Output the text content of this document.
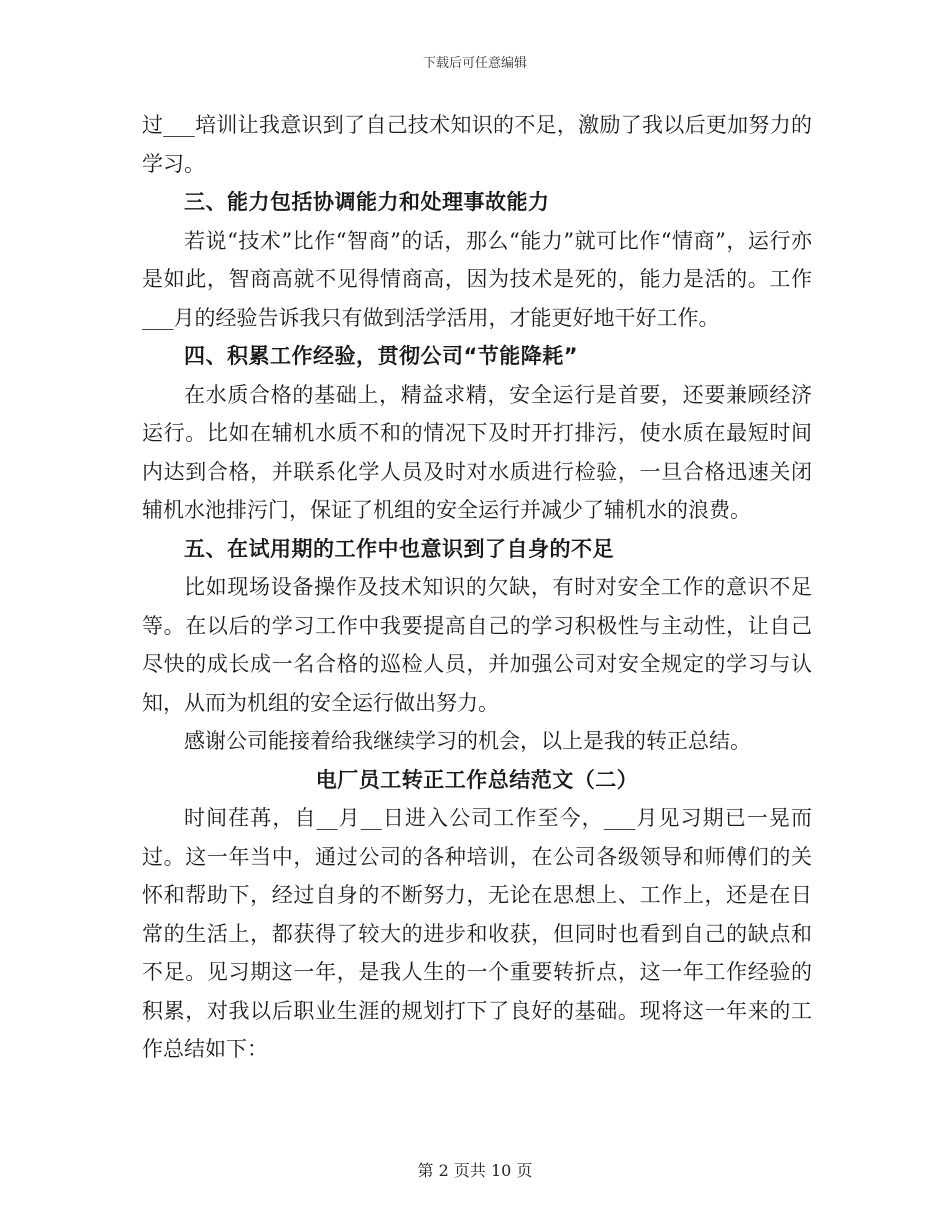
下载后可任意编辑

过___培训让我意识到了自己技术知识的不足，激励了我以后更加努力的学习。

三、能力包括协调能力和处理事故能力

若说“技术”比作“智商”的话，那么“能力”就可比作“情商”，运行亦是如此，智商高就不见得情商高，因为技术是死的，能力是活的。工作___月的经验告诉我只有做到活学活用，才能更好地干好工作。

四、积累工作经验，贯彻公司“节能降耗”

在水质合格的基础上，精益求精，安全运行是首要，还要兼顾经济运行。比如在辅机水质不和的情况下及时开打排污，使水质在最短时间内达到合格，并联系化学人员及时对水质进行检验，一旦合格迅速关闭辅机水池排污门，保证了机组的安全运行并减少了辅机水的浪费。

五、在试用期的工作中也意识到了自身的不足

比如现场设备操作及技术知识的欠缺，有时对安全工作的意识不足等。在以后的学习工作中我要提高自己的学习积极性与主动性，让自己尽快的成长成一名合格的巡检人员，并加强公司对安全规定的学习与认知，从而为机组的安全运行做出努力。

感谢公司能接着给我继续学习的机会，以上是我的转正总结。

电厂员工转正工作总结范文（二）

时间荏苒，自__月__日进入公司工作至今，___月见习期已一晃而过。这一年当中，通过公司的各种培训，在公司各级领导和师傅们的关怀和帮助下，经过自身的不断努力，无论在思想上、工作上，还是在日常的生活上，都获得了较大的进步和收获，但同时也看到自己的缺点和不足。见习期这一年，是我人生的一个重要转折点，这一年工作经验的积累，对我以后职业生涯的规划打下了良好的基础。现将这一年来的工作总结如下：

第 2 页共 10 页
